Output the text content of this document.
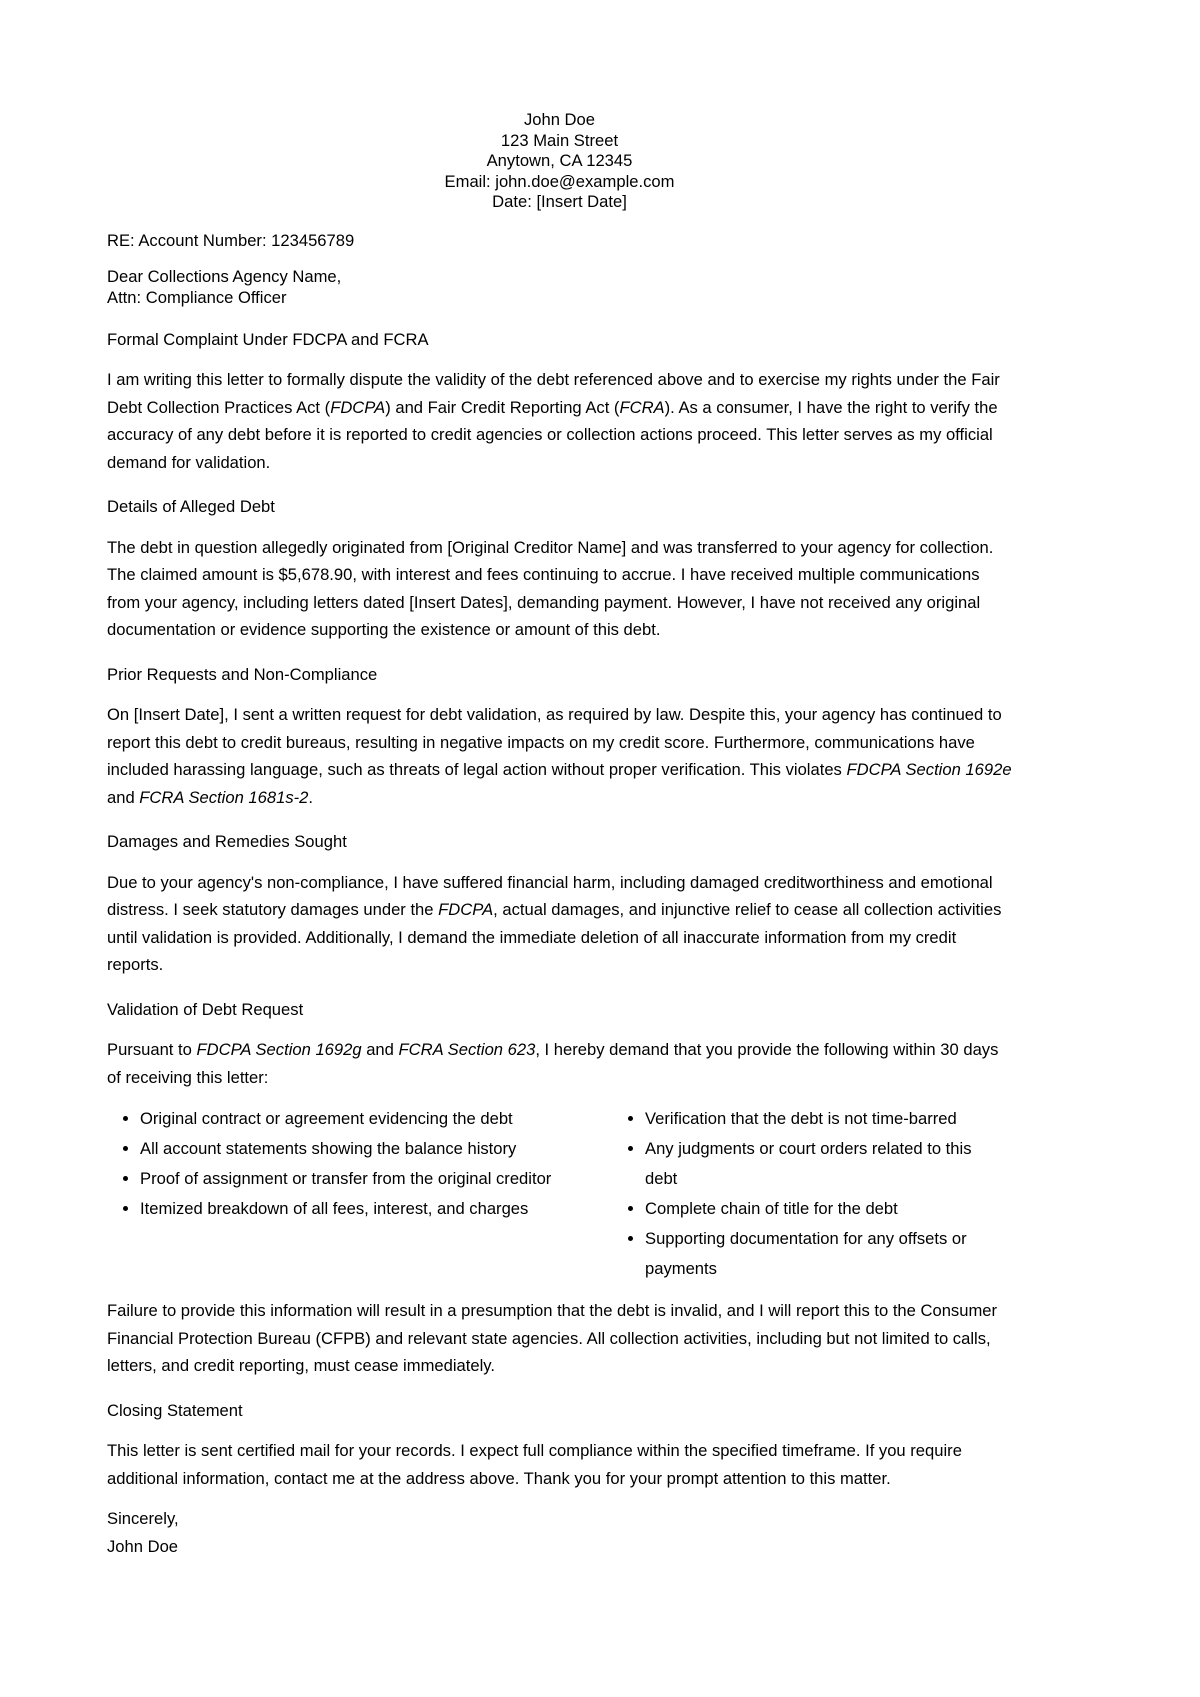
John Doe
123 Main Street
Anytown, CA 12345
Email: john.doe@example.com
Date: [Insert Date]

RE: Account Number: 123456789

Dear Collections Agency Name,
Attn: Compliance Officer

Formal Complaint Under FDCPA and FCRA

I am writing this letter to formally dispute the validity of the debt referenced above and to exercise my rights under the Fair Debt Collection Practices Act (FDCPA) and Fair Credit Reporting Act (FCRA). As a consumer, I have the right to verify the accuracy of any debt before it is reported to credit agencies or collection actions proceed. This letter serves as my official demand for validation.

Details of Alleged Debt

The debt in question allegedly originated from [Original Creditor Name] and was transferred to your agency for collection. The claimed amount is $5,678.90, with interest and fees continuing to accrue. I have received multiple communications from your agency, including letters dated [Insert Dates], demanding payment. However, I have not received any original documentation or evidence supporting the existence or amount of this debt.

Prior Requests and Non-Compliance

On [Insert Date], I sent a written request for debt validation, as required by law. Despite this, your agency has continued to report this debt to credit bureaus, resulting in negative impacts on my credit score. Furthermore, communications have included harassing language, such as threats of legal action without proper verification. This violates FDCPA Section 1692e and FCRA Section 1681s-2.

Damages and Remedies Sought

Due to your agency's non-compliance, I have suffered financial harm, including damaged creditworthiness and emotional distress. I seek statutory damages under the FDCPA, actual damages, and injunctive relief to cease all collection activities until validation is provided. Additionally, I demand the immediate deletion of all inaccurate information from my credit reports.

Validation of Debt Request

Pursuant to FDCPA Section 1692g and FCRA Section 623, I hereby demand that you provide the following within 30 days of receiving this letter:

• Original contract or agreement evidencing the debt
• All account statements showing the balance history
• Proof of assignment or transfer from the original creditor
• Itemized breakdown of all fees, interest, and charges
• Verification that the debt is not time-barred
• Any judgments or court orders related to this debt
• Complete chain of title for the debt
• Supporting documentation for any offsets or payments

Failure to provide this information will result in a presumption that the debt is invalid, and I will report this to the Consumer Financial Protection Bureau (CFPB) and relevant state agencies. All collection activities, including but not limited to calls, letters, and credit reporting, must cease immediately.

Closing Statement

This letter is sent certified mail for your records. I expect full compliance within the specified timeframe. If you require additional information, contact me at the address above. Thank you for your prompt attention to this matter.

Sincerely,
John Doe
